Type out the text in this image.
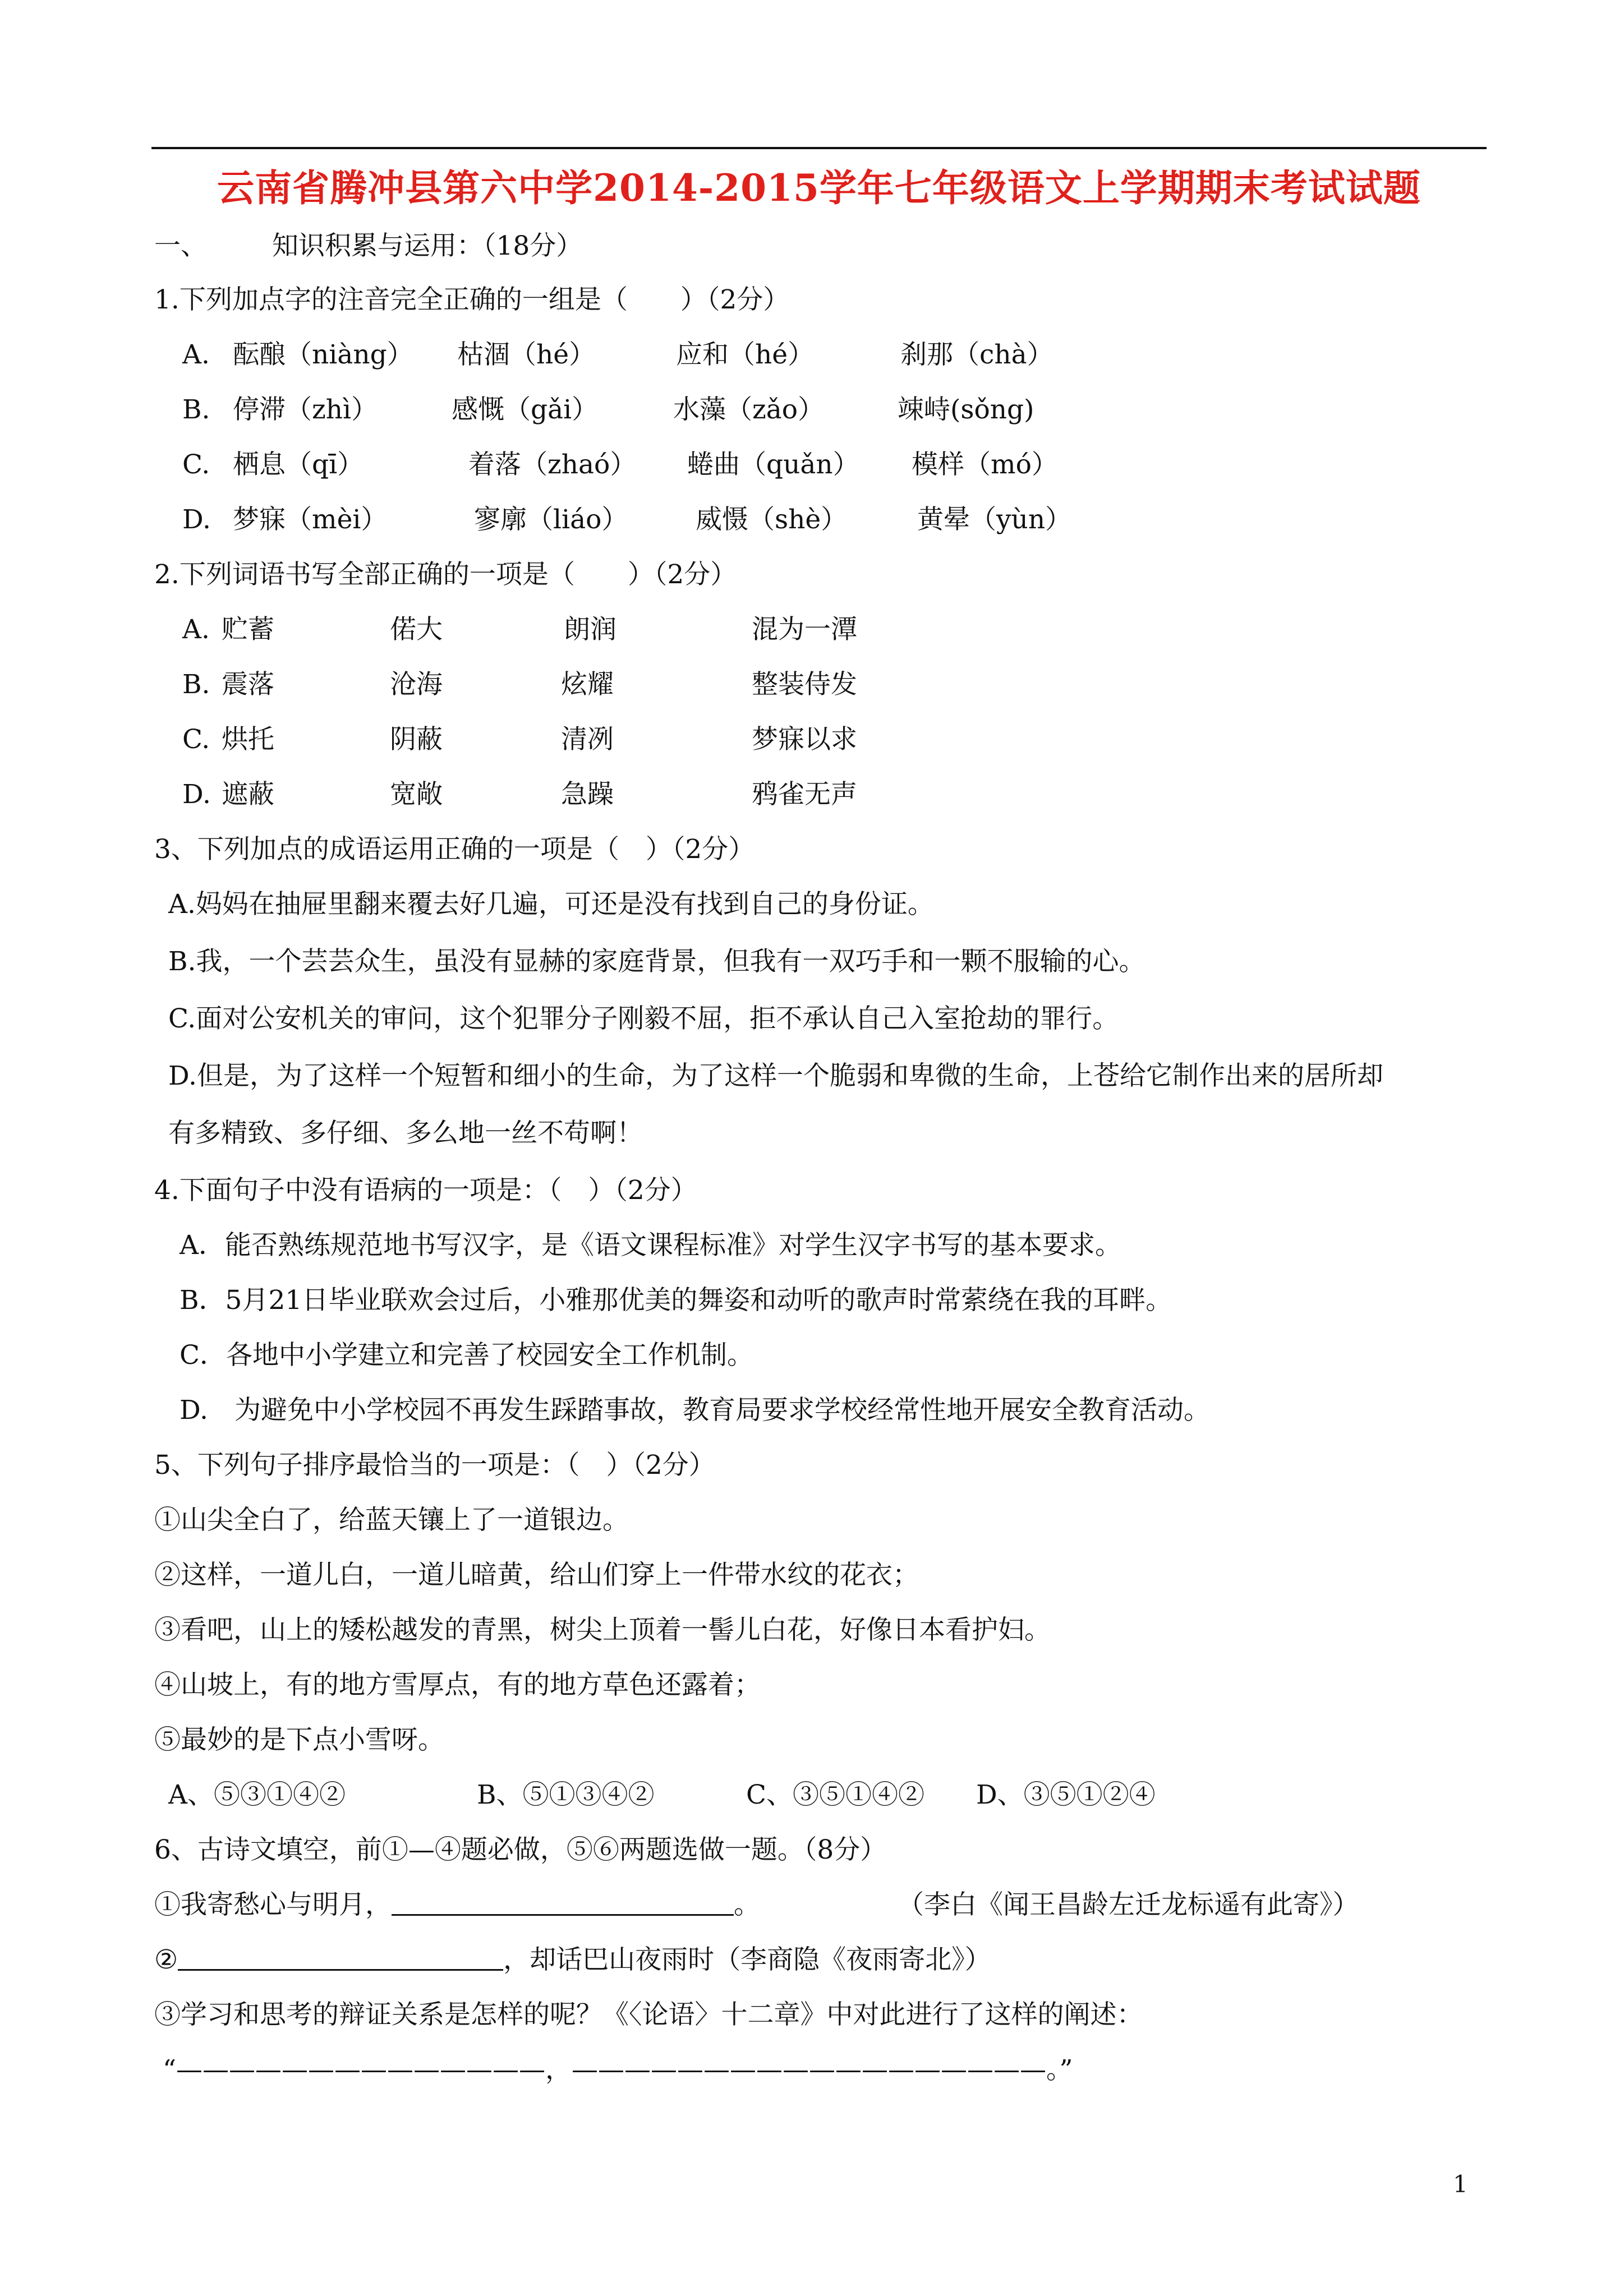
云南省腾冲县第六中学2014-2015学年七年级语文上学期期末考试试题
一、 知识积累与运用：（18分）
1.下列加点字的注音完全正确的一组是（　　）（2分）
A. 酝酿（niàng） 枯涸（hé）	应和（hé）	刹那（chà）
B. 停滞（zhì）	感慨（gǎi）	水藻（zǎo）	竦峙(sǒng)
C. 栖息（qī）	着落（zhaó） 蜷曲（quǎn） 模样（mó）
D. 梦寐（mèi）	寥廓（liáo）	威慑（shè）	黄晕（yùn）
2.下列词语书写全部正确的一项是（　　）（2分）
A. 贮蓄	偌大	朗润	混为一潭
B. 震落	沧海	炫耀	整装侍发
C. 烘托	阴蔽	清冽	梦寐以求
D. 遮蔽	宽敞	急躁	鸦雀无声
3、下列加点的成语运用正确的一项是（　）（2分）
A.妈妈在抽屉里翻来覆去好几遍，可还是没有找到自己的身份证。
B.我，一个芸芸众生，虽没有显赫的家庭背景，但我有一双巧手和一颗不服输的心。
C.面对公安机关的审问，这个犯罪分子刚毅不屈，拒不承认自己入室抢劫的罪行。
D.但是，为了这样一个短暂和细小的生命，为了这样一个脆弱和卑微的生命，上苍给它制作出来的居所却
有多精致、多仔细、多么地一丝不苟啊！
4.下面句子中没有语病的一项是：（　）（2分）
A．能否熟练规范地书写汉字，是《语文课程标准》对学生汉字书写的基本要求。
B．5月21日毕业联欢会过后，小雅那优美的舞姿和动听的歌声时常萦绕在我的耳畔。
C．各地中小学建立和完善了校园安全工作机制。
D.　为避免中小学校园不再发生踩踏事故，教育局要求学校经常性地开展安全教育活动。
5、下列句子排序最恰当的一项是：（　）（2分）
①山尖全白了，给蓝天镶上了一道银边。
②这样，一道儿白，一道儿暗黄，给山们穿上一件带水纹的花衣；
③看吧，山上的矮松越发的青黑，树尖上顶着一髻儿白花，好像日本看护妇。
④山坡上，有的地方雪厚点，有的地方草色还露着；
⑤最妙的是下点小雪呀。
A、⑤③①④②	B、⑤①③④②	C、③⑤①④② D、③⑤①②④
6、古诗文填空，前①—④题必做，⑤⑥两题选做一题。（8分）
①我寄愁心与明月，	。	（李白《闻王昌龄左迁龙标遥有此寄》）
②	，却话巴山夜雨时（李商隐《夜雨寄北》）
③学习和思考的辩证关系是怎样的呢？《〈论语〉十二章》中对此进行了这样的阐述：
“——————————————，——————————————————。”
1
